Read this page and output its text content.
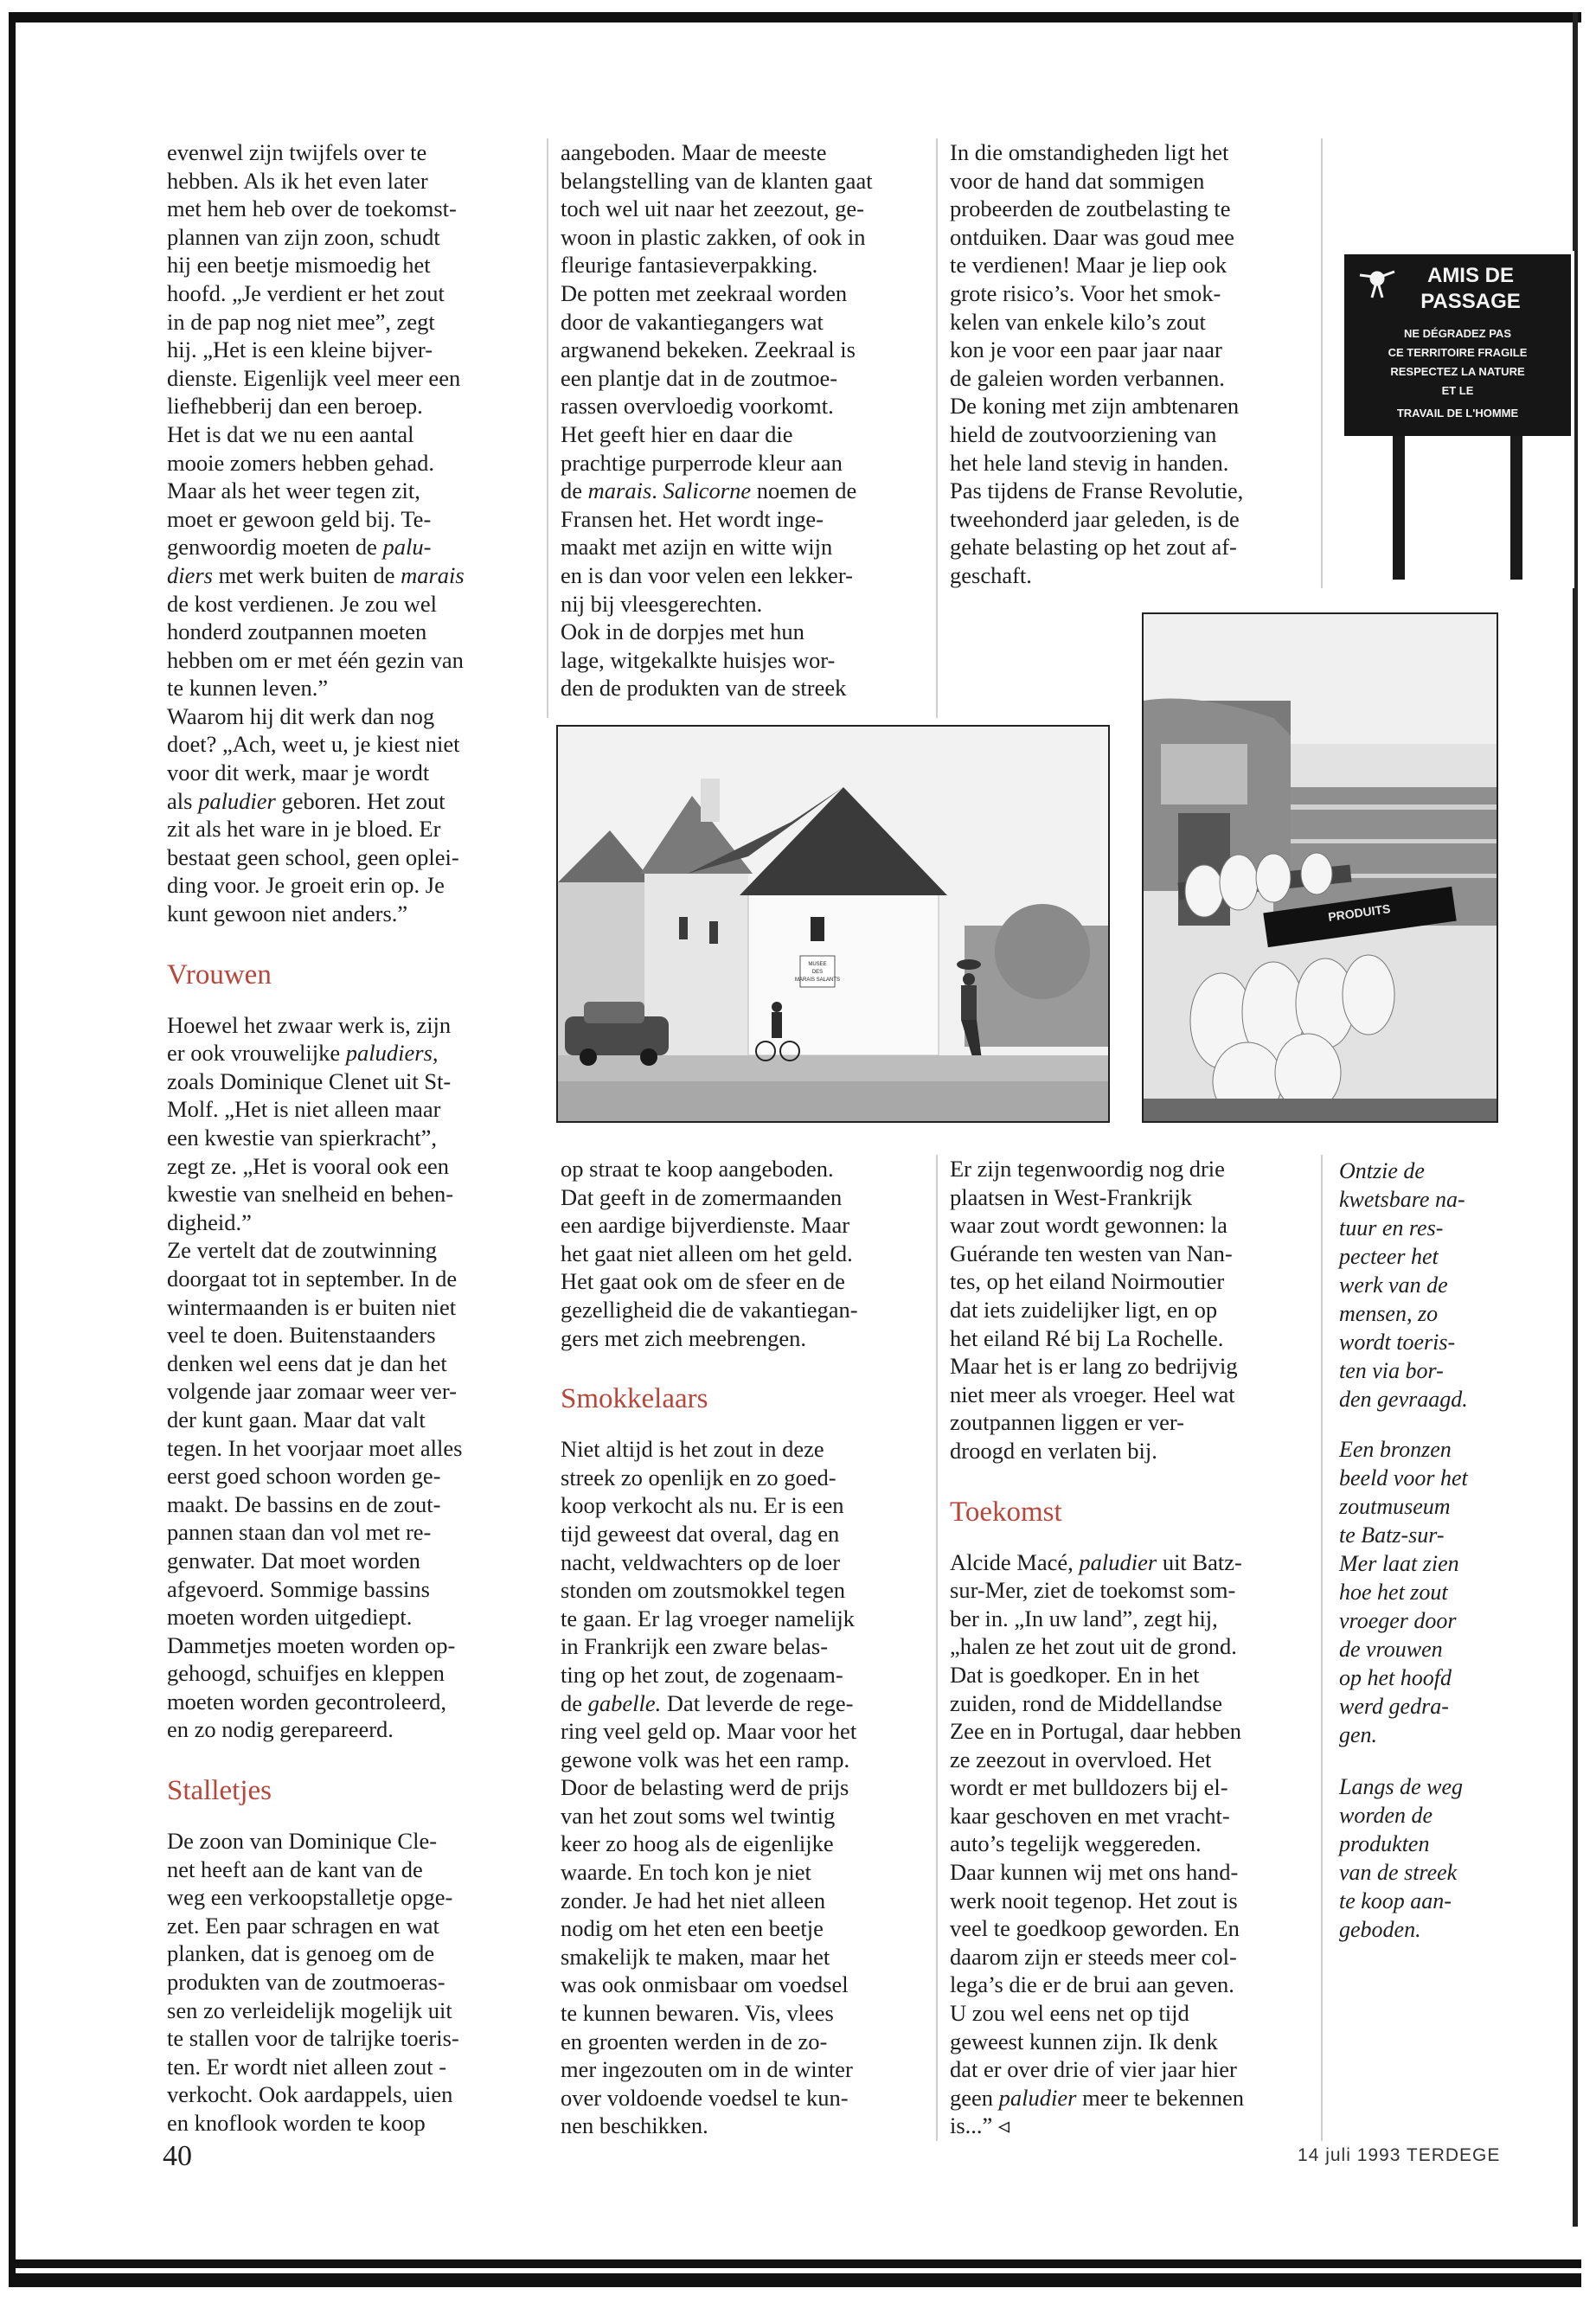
evenwel zijn twijfels over te
hebben. Als ik het even later
met hem heb over de toekomst-
plannen van zijn zoon, schudt
hij een beetje mismoedig het
hoofd. „Je verdient er het zout
in de pap nog niet mee”, zegt
hij. „Het is een kleine bijver-
dienste. Eigenlijk veel meer een
liefhebberij dan een beroep.
Het is dat we nu een aantal
mooie zomers hebben gehad.
Maar als het weer tegen zit,
moet er gewoon geld bij. Te-
genwoordig moeten de palu-
diers met werk buiten de marais
de kost verdienen. Je zou wel
honderd zoutpannen moeten
hebben om er met één gezin van
te kunnen leven.”
Waarom hij dit werk dan nog
doet? „Ach, weet u, je kiest niet
voor dit werk, maar je wordt
als paludier geboren. Het zout
zit als het ware in je bloed. Er
bestaat geen school, geen oplei-
ding voor. Je groeit erin op. Je
kunt gewoon niet anders.”
Vrouwen
Hoewel het zwaar werk is, zijn
er ook vrouwelijke paludiers,
zoals Dominique Clenet uit St-
Molf. „Het is niet alleen maar
een kwestie van spierkracht”,
zegt ze. „Het is vooral ook een
kwestie van snelheid en behen-
digheid.”
Ze vertelt dat de zoutwinning
doorgaat tot in september. In de
wintermaanden is er buiten niet
veel te doen. Buitenstaanders
denken wel eens dat je dan het
volgende jaar zomaar weer ver-
der kunt gaan. Maar dat valt
tegen. In het voorjaar moet alles
eerst goed schoon worden ge-
maakt. De bassins en de zout-
pannen staan dan vol met re-
genwater. Dat moet worden
afgevoerd. Sommige bassins
moeten worden uitgediept.
Dammetjes moeten worden op-
gehoogd, schuifjes en kleppen
moeten worden gecontroleerd,
en zo nodig gerepareerd.
Stalletjes
De zoon van Dominique Cle-
net heeft aan de kant van de
weg een verkoopstalletje opge-
zet. Een paar schragen en wat
planken, dat is genoeg om de
produkten van de zoutmoeras-
sen zo verleidelijk mogelijk uit
te stallen voor de talrijke toeris-
ten. Er wordt niet alleen zout -
verkocht. Ook aardappels, uien
en knoflook worden te koop
aangeboden. Maar de meeste
belangstelling van de klanten gaat
toch wel uit naar het zeezout, ge-
woon in plastic zakken, of ook in
fleurige fantasieverpakking.
De potten met zeekraal worden
door de vakantiegangers wat
argwanend bekeken. Zeekraal is
een plantje dat in de zoutmoe-
rassen overvloedig voorkomt.
Het geeft hier en daar die
prachtige purperrode kleur aan
de marais. Salicorne noemen de
Fransen het. Het wordt inge-
maakt met azijn en witte wijn
en is dan voor velen een lekker-
nij bij vleesgerechten.
Ook in de dorpjes met hun
lage, witgekalkte huisjes wor-
den de produkten van de streek
op straat te koop aangeboden.
Dat geeft in de zomermaanden
een aardige bijverdienste. Maar
het gaat niet alleen om het geld.
Het gaat ook om de sfeer en de
gezelligheid die de vakantiegan-
gers met zich meebrengen.
Smokkelaars
Niet altijd is het zout in deze
streek zo openlijk en zo goed-
koop verkocht als nu. Er is een
tijd geweest dat overal, dag en
nacht, veldwachters op de loer
stonden om zoutsmokkel tegen
te gaan. Er lag vroeger namelijk
in Frankrijk een zware belas-
ting op het zout, de zogenaam-
de gabelle. Dat leverde de rege-
ring veel geld op. Maar voor het
gewone volk was het een ramp.
Door de belasting werd de prijs
van het zout soms wel twintig
keer zo hoog als de eigenlijke
waarde. En toch kon je niet
zonder. Je had het niet alleen
nodig om het eten een beetje
smakelijk te maken, maar het
was ook onmisbaar om voedsel
te kunnen bewaren. Vis, vlees
en groenten werden in de zo-
mer ingezouten om in de winter
over voldoende voedsel te kun-
nen beschikken.
In die omstandigheden ligt het
voor de hand dat sommigen
probeerden de zoutbelasting te
ontduiken. Daar was goud mee
te verdienen! Maar je liep ook
grote risico’s. Voor het smok-
kelen van enkele kilo’s zout
kon je voor een paar jaar naar
de galeien worden verbannen.
De koning met zijn ambtenaren
hield de zoutvoorziening van
het hele land stevig in handen.
Pas tijdens de Franse Revolutie,
tweehonderd jaar geleden, is de
gehate belasting op het zout af-
geschaft.
Er zijn tegenwoordig nog drie
plaatsen in West-Frankrijk
waar zout wordt gewonnen: la
Guérande ten westen van Nan-
tes, op het eiland Noirmoutier
dat iets zuidelijker ligt, en op
het eiland Ré bij La Rochelle.
Maar het is er lang zo bedrijvig
niet meer als vroeger. Heel wat
zoutpannen liggen er ver-
droogd en verlaten bij.
Toekomst
Alcide Macé, paludier uit Batz-
sur-Mer, ziet de toekomst som-
ber in. „In uw land”, zegt hij,
„halen ze het zout uit de grond.
Dat is goedkoper. En in het
zuiden, rond de Middellandse
Zee en in Portugal, daar hebben
ze zeezout in overvloed. Het
wordt er met bulldozers bij el-
kaar geschoven en met vracht-
auto’s tegelijk weggereden.
Daar kunnen wij met ons hand-
werk nooit tegenop. Het zout is
veel te goedkoop geworden. En
daarom zijn er steeds meer col-
lega’s die er de brui aan geven.
U zou wel eens net op tijd
geweest kunnen zijn. Ik denk
dat er over drie of vier jaar hier
geen paludier meer te bekennen
is...” ◃
AMIS DE
PASSAGE
NE DÉGRADEZ PAS
CE TERRITOIRE FRAGILE
RESPECTEZ LA NATURE
ET LE
TRAVAIL DE L'HOMME
MUSEE
DES
MARAIS SALANTS
PRODUITS
Ontzie de
kwetsbare na-
tuur en res-
pecteer het
werk van de
mensen, zo
wordt toeris-
ten via bor-
den gevraagd.
Een bronzen
beeld voor het
zoutmuseum
te Batz-sur-
Mer laat zien
hoe het zout
vroeger door
de vrouwen
op het hoofd
werd gedra-
gen.
Langs de weg
worden de
produkten
van de streek
te koop aan-
geboden.
40	14 juli 1993 TERDEGE
